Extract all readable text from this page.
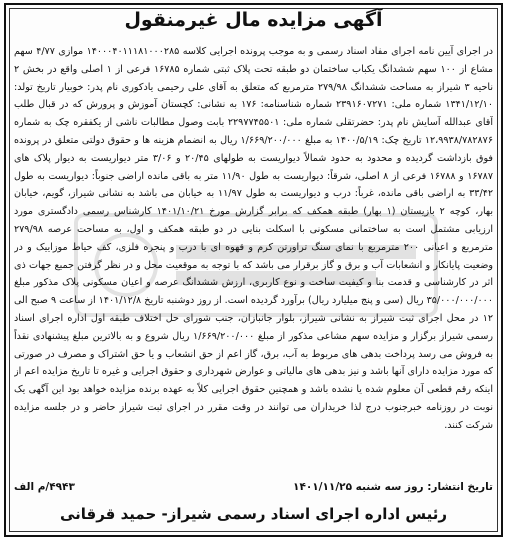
آگهی مزایده مال غیرمنقول
در اجرای آیین نامه اجرای مفاد اسناد رسمی و به موجب پرونده اجرایی کلاسه ۱۴۰۰۰۴۰۱۱۱۸۱۰۰۰۲۸۵ موازی ۴/۷۷ سهم مشاع از ۱۰۰ سهم ششدانگ یکباب ساختمان دو طبقه تحت پلاک ثبتی شماره ۱۶۷۸۵ فرعی از ۱ اصلی واقع در بخش ۲ ناحیه ۳ شیراز به مساحت ششدانگ ۲۷۹/۹۸ مترمربع که متعلق به آقای علی رحیمی یادکوری نام پدر: خوبیار تاریخ تولد: ۱۳۴۱/۱۲/۱۰ شماره ملی: ۲۳۹۱۶۰۷۲۷۱ شماره شناسنامه: ۱۷۶ به نشانی: کچستان آموزش و پرورش که در قبال طلب آقای عبدالله آسایش نام پدر: حضرتقلی شماره ملی: ۲۲۹۷۷۴۵۵۰۱ بابت وصول مطالبات ناشی از یکفقره چک به شماره ۱۲،۹۹۳۸/۷۸۲۸۷۶ تاریخ چک: ۱۴۰۰/۵/۱۹ به مبلغ ۱/۶۶۹/۲۰۰/۰۰۰ ریال به انضمام هزینه ها و حقوق دولتی متعلق در پرونده فوق بازداشت گردیده و محدود به حدود شمالاً دیواریست به طولهای ۲۰/۴۵ و ۳/۰۶ متر دیواریست به دیوار پلاک های ۱۶۷۸۷ و ۱۶۷۸۸ فرعی از ۸ اصلی، شرقاً: دیواریست به طول ۱۱/۹۰ متر به باقی مانده اراضی جنوباً: دیواریست به طول ۳۳/۴۲ به اراضی باقی مانده، غرباً: درب و دیواریست به طول ۱۱/۹۷ به خیابان می باشد به نشانی شیراز، گویم، خیابان بهار، کوچه ۲ بازیستان (۱ بهار) طبقه همکف که برابر گزارش مورخ ۱۴۰۱/۱۰/۲۱ کارشناس رسمی دادگستری مورد ارزیابی مشتمل است به ساختمانی مسکونی با اسکلت بنایی در دو طبقه همکف و اول، به مساحت عرصه ۲۷۹/۹۸ مترمربع و اعیانی ۲۰۰ مترمربع با نمای سنگ تراورتن کرم و قهوه ای با درب و پنجره فلزی، کف حیاط موزاییک و در وضعیت پایانکار و انشعابات آب و برق و گاز برقرار می باشد که با توجه به موقعیت محل و در نظر گرفتن جمیع جهات ذی اثر در کارشناسی و قدمت بنا و کیفیت ساخت و نوع کاربری، ارزش ششدانگ عرصه و اعیان مسکونی پلاک مذکور مبلغ ۳۵/۰۰۰/۰۰۰/۰۰۰ ریال (سی و پنج میلیارد ریال) برآورد گردیده است. از روز دوشنبه تاریخ ۱۴۰۱/۱۲/۸ از ساعت ۹ صبح الی ۱۲ در محل اجرای ثبت شیراز به نشانی شیراز، بلوار جانبازان، جنب شورای حل اختلاف طبقه اول اداره اجرای اسناد رسمی شیراز برگزار و مزایده سهم مشاعی مذکور از مبلغ ۱/۶۶۹/۲۰۰/۰۰۰ ریال شروع و به بالاترین مبلغ پیشنهادی نقداً به فروش می رسد پرداخت بدهی های مربوط به آب، برق، گاز اعم از حق انشعاب و یا حق اشتراک و مصرف در صورتی که مورد مزایده دارای آنها باشد و نیز بدهی های مالیاتی و عوارض شهرداری و حقوق اجرایی و غیره تا تاریخ مزایده اعم از اینکه رقم قطعی آن معلوم شده یا نشده باشد و همچنین حقوق اجرایی کلاً به عهده برنده مزایده خواهد بود این آگهی یک نوبت در روزنامه خبرجنوب درج لذا خریداران می توانند در وقت مقرر در اجرای ثبت شیراز حاضر و در جلسه مزایده شرکت کنند.
تاریخ انتشار: روز سه شنبه ۱۴۰۱/۱۱/۲۵
۴۹۴۳/م الف
رئیس اداره اجرای اسناد رسمی شیراز- حمید قرقانی
